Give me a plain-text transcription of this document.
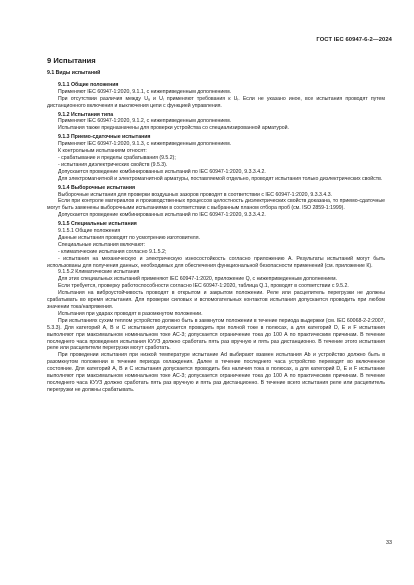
ГОСТ IEC 60947-6-2—2024
9 Испытания
9.1 Виды испытаний
9.1.1 Общие положения
Применяют IEC 60947-1:2020, 9.1.1, с нижеприведенным дополнением.
При отсутствии различия между Uₐ и Uᵢ применяют требования к Uᵢ. Если не указано иное, все испытания проводят путем дистанционного включения и выключения цепи с функцией управления.
9.1.2 Испытания типа
Применяют IEC 60947-1:2020, 9.1.2, с нижеприведенным дополнением.
Испытания также предназначены для проверки устройства со специализированной арматурой.
9.1.3 Приемо-сдаточные испытания
Применяют IEC 60947-1:2020, 9.1.3, с нижеприведенным дополнением.
К контрольным испытаниям относят:
- срабатывание и пределы срабатывания (9.5.2);
- испытания диэлектрических свойств (9.5.3).
Допускается проведение комбинированных испытаний по IEC 60947-1:2020, 9.3.3.4.2.
Для электромагнитной и электромагнитной арматуры, поставляемой отдельно, проводят испытания только диэлектрических свойств.
9.1.4 Выборочные испытания
Выборочные испытания для проверки воздушных зазоров проводят в соответствии с IEC 60947-1:2020, 9.3.3.4.3.
Если при контроле материалов и производственных процессов целостность диэлектрических свойств доказана, то приемо-сдаточные могут быть заменены выборочными испытаниями в соответствии с выбранным планом отбора проб (см. ISO 2859-1:1999).
Допускается проведение комбинированных испытаний по IEC 60947-1:2020, 9.3.3.4.2.
9.1.5 Специальные испытания
9.1.5.1 Общие положения
Данные испытания проводят по усмотрению изготовителя.
Специальные испытания включают:
- климатические испытания согласно 9.1.5.2;
- испытания на механическую и электрическую износостойкость согласно приложению А. Результаты испытаний могут быть использованы для получения данных, необходимых для обеспечения функциональной безопасности применений (см. приложение К).
9.1.5.2 Климатические испытания
Для этих специальных испытаний применяют IEC 60947-1:2020, приложение Q, с нижеприведенным дополнением.
Если требуется, проверку работоспособности согласно IEC 60947-1:2020, таблица Q.1, проводят в соответствии с 9.5.2.
Испытания на виброустойчивость проводят в открытом и закрытом положении. Реле или расцепитель перегрузки не должны срабатывать во время испытания. Для проверки силовых и вспомогательных контактов испытания допускается проводить при любом значении тока/напряжения.
Испытания при ударах проводят в разомкнутом положении.
При испытаниях сухим теплом устройство должно быть в замкнутом положении в течение периода выдержки (см. IEC 60068-2-2:2007, 5.3.3). Для категорий А, В и С испытания допускается проводить при полной токе в полюсах, а для категорий D, E и F испытания выполняют при максимальном номинальном токе АС-3; допускается ограничение тока до 100 А по практическим причинам. В течение последнего часа проведения испытания КУУЗ должно сработать пять раз вручную и пять раз дистанционно. В течение этого испытания реле или расцепители перегрузки могут сработать.
При проведении испытания при низкой температуре испытание Ad выбирают взамен испытания Ab и устройство должно быть в разомкнутом положении в течение периода охлаждения. Далее в течение последнего часа устройство переводят во включенное состояние. Для категорий А, В и С испытания допускается проводить без наличия тока в полюсах, а для категорий D, E и F испытание выполняют при максимальном номинальном токе АС-3; допускается ограничение тока до 100 А по практическим причинам. В течение последнего часа КУУЗ должно сработать пять раз вручную и пять раз дистанционно. В течение всего испытания реле или расцепитель перегрузки не должны срабатывать.
33
